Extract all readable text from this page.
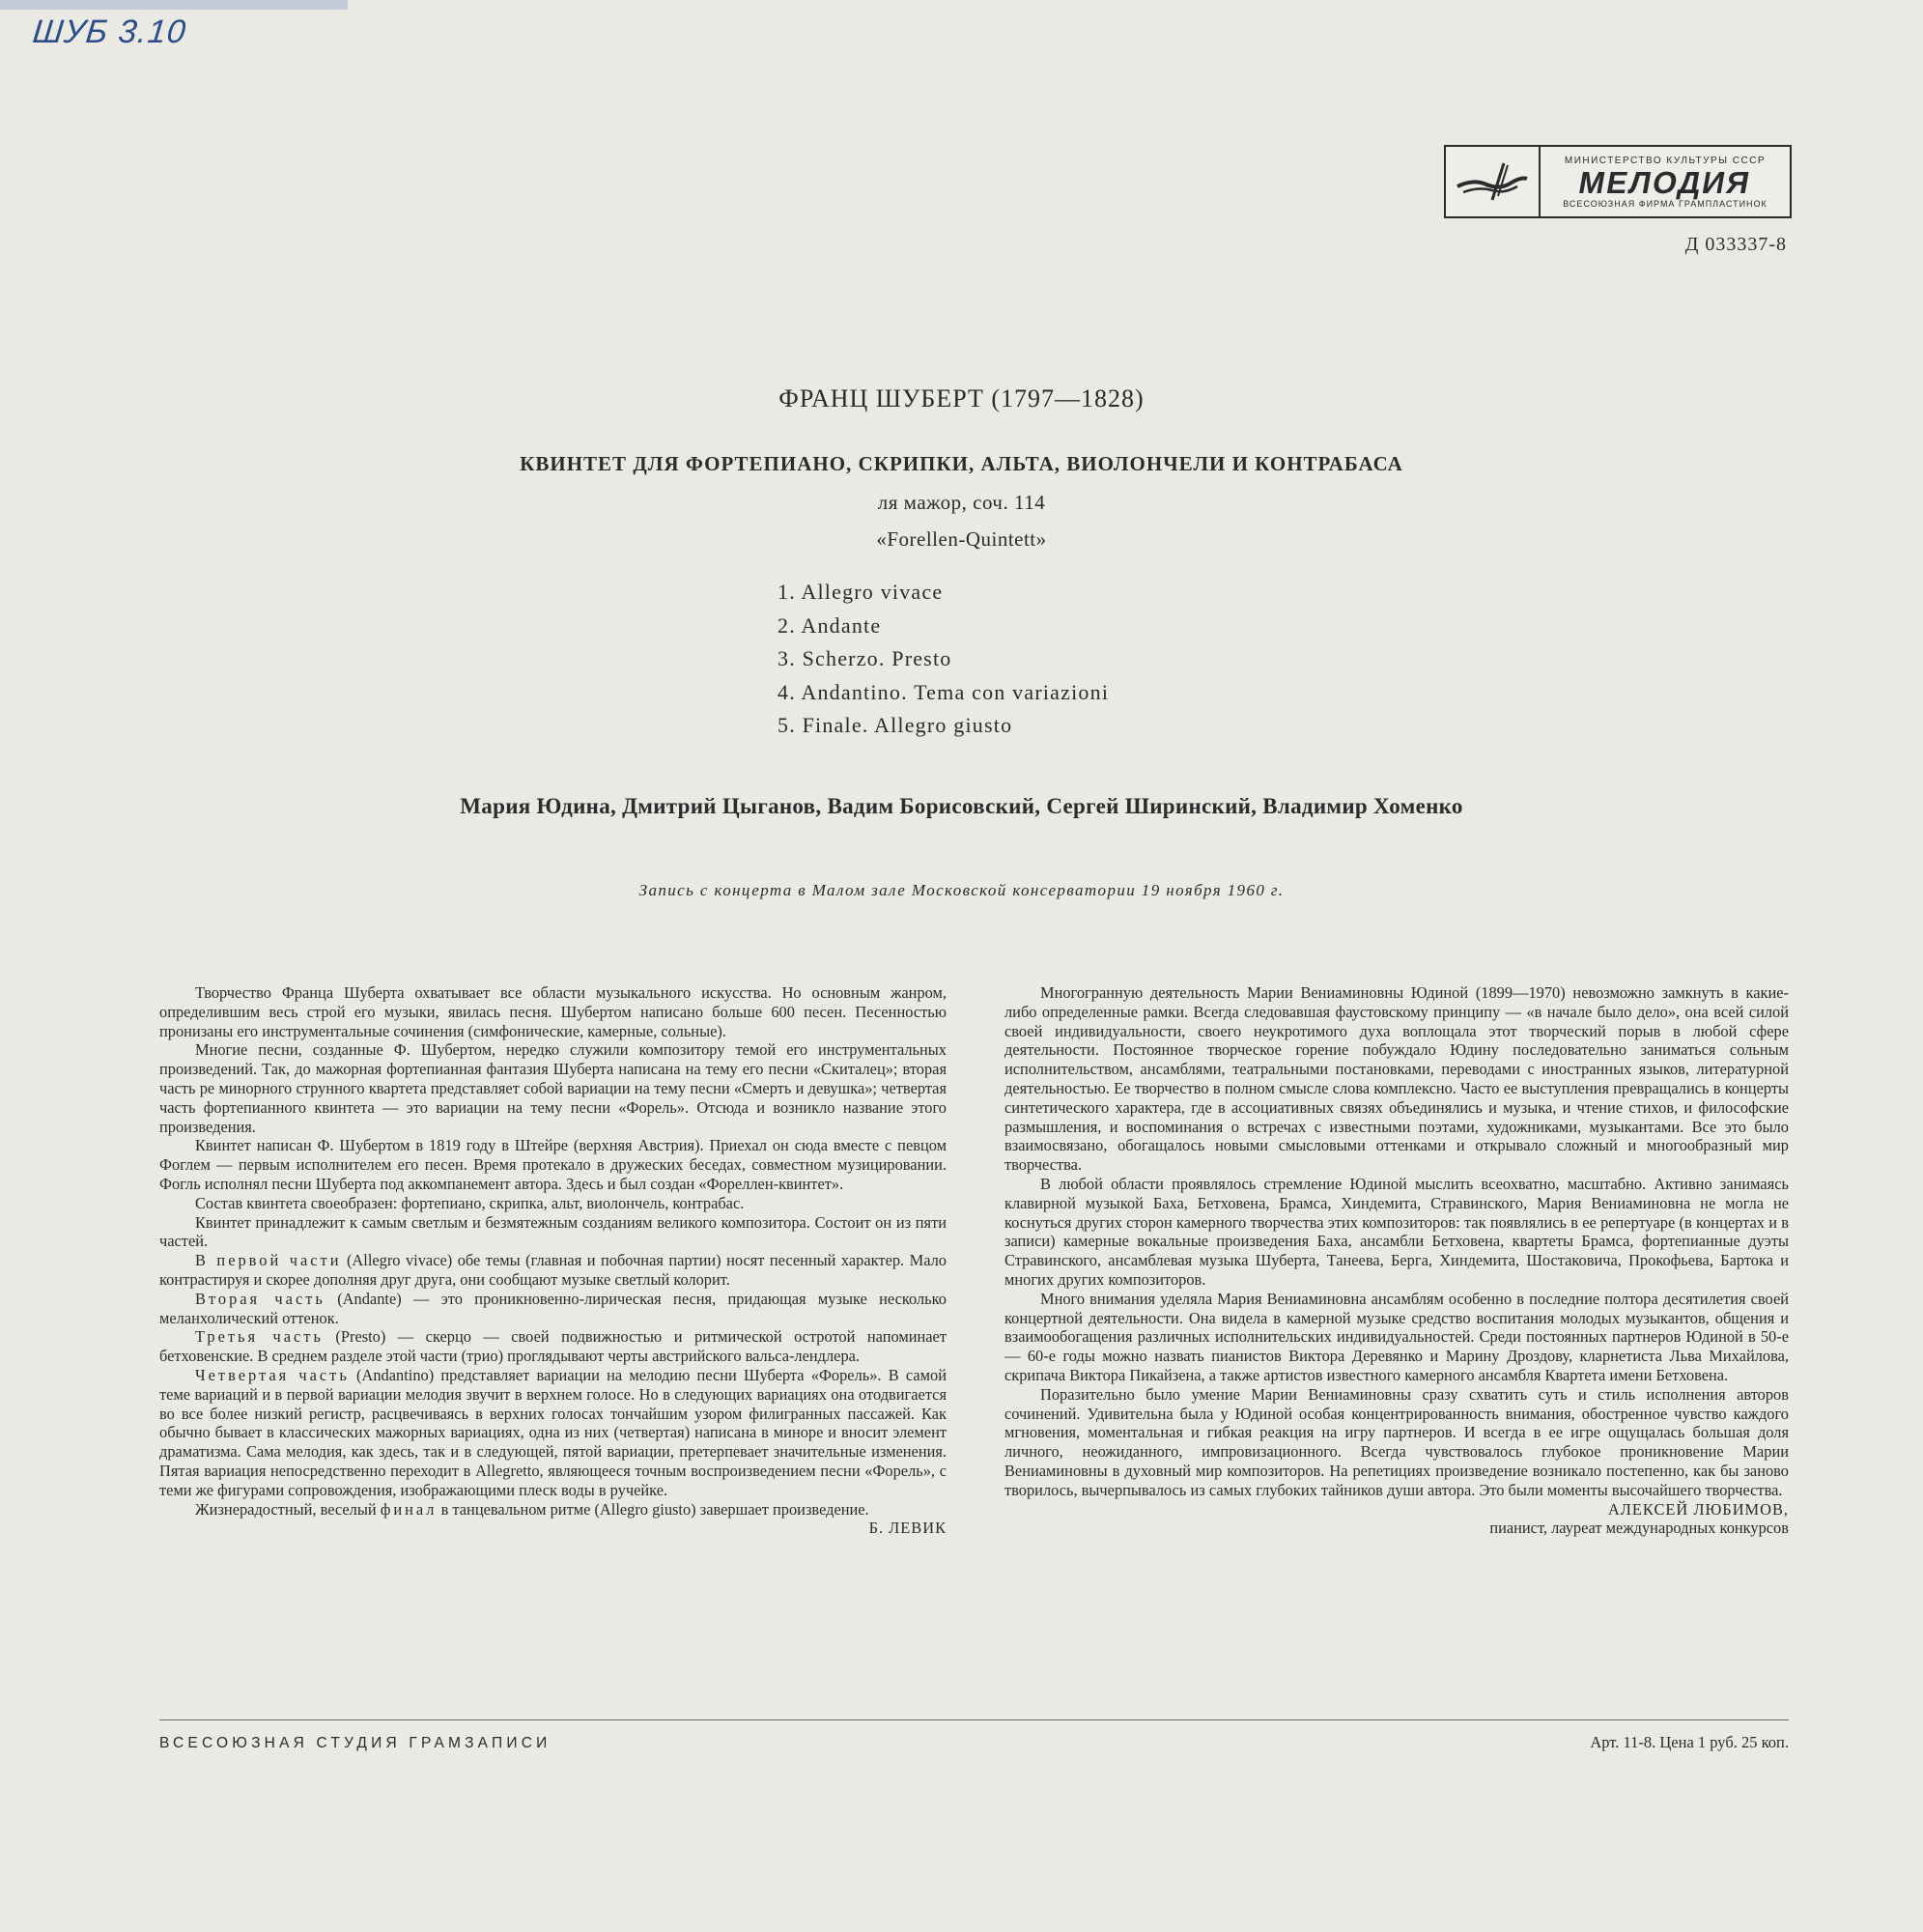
ШУБ 3.10
МИНИСТЕРСТВО КУЛЬТУРЫ СССР
МЕЛОДИЯ
ВСЕСОЮЗНАЯ ФИРМА ГРАМПЛАСТИНОК
Д 033337-8
ФРАНЦ ШУБЕРТ (1797—1828)
КВИНТЕТ ДЛЯ ФОРТЕПИАНО, СКРИПКИ, АЛЬТА, ВИОЛОНЧЕЛИ И КОНТРАБАСА
ля мажор, соч. 114
«Forellen-Quintett»
1. Allegro vivace
2. Andante
3. Scherzo. Presto
4. Andantino. Tema con variazioni
5. Finale. Allegro giusto
Мария Юдина, Дмитрий Цыганов, Вадим Борисовский, Сергей Ширинский, Владимир Хоменко
Запись с концерта в Малом зале Московской консерватории 19 ноября 1960 г.

Творчество Франца Шуберта охватывает все области музыкального искусства. Но основным жанром, определившим весь строй его музыки, явилась песня. Шубертом написано больше 600 песен. Песенностью пронизаны его инструментальные сочинения (симфонические, камерные, сольные).

Многие песни, созданные Ф. Шубертом, нередко служили композитору темой его инструментальных произведений. Так, до мажорная фортепианная фантазия Шуберта написана на тему его песни «Скиталец»; вторая часть ре минорного струнного квартета представляет собой вариации на тему песни «Смерть и девушка»; четвертая часть фортепианного квинтета — это вариации на тему песни «Форель». Отсюда и возникло название этого произведения.

Квинтет написан Ф. Шубертом в 1819 году в Штейре (верхняя Австрия). Приехал он сюда вместе с певцом Фоглем — первым исполнителем его песен. Время протекало в дружеских беседах, совместном музицировании. Фогль исполнял песни Шуберта под аккомпанемент автора. Здесь и был создан «Фореллен-квинтет».

Состав квинтета своеобразен: фортепиано, скрипка, альт, виолончель, контрабас.

Квинтет принадлежит к самым светлым и безмятежным созданиям великого композитора. Состоит он из пяти частей.

В первой части (Allegro vivace) обе темы (главная и побочная партии) носят песенный характер. Мало контрастируя и скорее дополняя друг друга, они сообщают музыке светлый колорит.

Вторая часть (Andante) — это проникновенно-лирическая песня, придающая музыке несколько меланхолический оттенок.

Третья часть (Presto) — скерцо — своей подвижностью и ритмической остротой напоминает бетховенские. В среднем разделе этой части (трио) проглядывают черты австрийского вальса-лендлера.

Четвертая часть (Andantino) представляет вариации на мелодию песни Шуберта «Форель». В самой теме вариаций и в первой вариации мелодия звучит в верхнем голосе. Но в следующих вариациях она отодвигается во все более низкий регистр, расцвечиваясь в верхних голосах тончайшим узором филигранных пассажей. Как обычно бывает в классических мажорных вариациях, одна из них (четвертая) написана в миноре и вносит элемент драматизма. Сама мелодия, как здесь, так и в следующей, пятой вариации, претерпевает значительные изменения. Пятая вариация непосредственно переходит в Allegretto, являющееся точным воспроизведением песни «Форель», с теми же фигурами сопровождения, изображающими плеск воды в ручейке.

Жизнерадостный, веселый финал в танцевальном ритме (Allegro giusto) завершает произведение.

Б. ЛЕВИК

Многогранную деятельность Марии Вениаминовны Юдиной (1899—1970) невозможно замкнуть в какие-либо определенные рамки. Всегда следовавшая фаустовскому принципу — «в начале было дело», она всей силой своей индивидуальности, своего неукротимого духа воплощала этот творческий порыв в любой сфере деятельности. Постоянное творческое горение побуждало Юдину последовательно заниматься сольным исполнительством, ансамблями, театральными постановками, переводами с иностранных языков, литературной деятельностью. Ее творчество в полном смысле слова комплексно. Часто ее выступления превращались в концерты синтетического характера, где в ассоциативных связях объединялись и музыка, и чтение стихов, и философские размышления, и воспоминания о встречах с известными поэтами, художниками, музыкантами. Все это было взаимосвязано, обогащалось новыми смысловыми оттенками и открывало сложный и многообразный мир творчества.

В любой области проявлялось стремление Юдиной мыслить всеохватно, масштабно. Активно занимаясь клавирной музыкой Баха, Бетховена, Брамса, Хиндемита, Стравинского, Мария Вениаминовна не могла не коснуться других сторон камерного творчества этих композиторов: так появлялись в ее репертуаре (в концертах и в записи) камерные вокальные произведения Баха, ансамбли Бетховена, квартеты Брамса, фортепианные дуэты Стравинского, ансамблевая музыка Шуберта, Танеева, Берга, Хиндемита, Шостаковича, Прокофьева, Бартока и многих других композиторов.

Много внимания уделяла Мария Вениаминовна ансамблям особенно в последние полтора десятилетия своей концертной деятельности. Она видела в камерной музыке средство воспитания молодых музыкантов, общения и взаимообогащения различных исполнительских индивидуальностей. Среди постоянных партнеров Юдиной в 50-е — 60-е годы можно назвать пианистов Виктора Деревянко и Марину Дроздову, кларнетиста Льва Михайлова, скрипача Виктора Пикайзена, а также артистов известного камерного ансамбля Квартета имени Бетховена.

Поразительно было умение Марии Вениаминовны сразу схватить суть и стиль исполнения авторов сочинений. Удивительна была у Юдиной особая концентрированность внимания, обостренное чувство каждого мгновения, моментальная и гибкая реакция на игру партнеров. И всегда в ее игре ощущалась большая доля личного, неожиданного, импровизационного. Всегда чувствовалось глубокое проникновение Марии Вениаминовны в духовный мир композиторов. На репетициях произведение возникало постепенно, как бы заново творилось, вычерпывалось из самых глубоких тайников души автора. Это были моменты высочайшего творчества.

АЛЕКСЕЙ ЛЮБИМОВ,

пианист, лауреат международных конкурсов

ВСЕСОЮЗНАЯ СТУДИЯ ГРАМЗАПИСИ	Арт. 11-8. Цена 1 руб. 25 коп.
